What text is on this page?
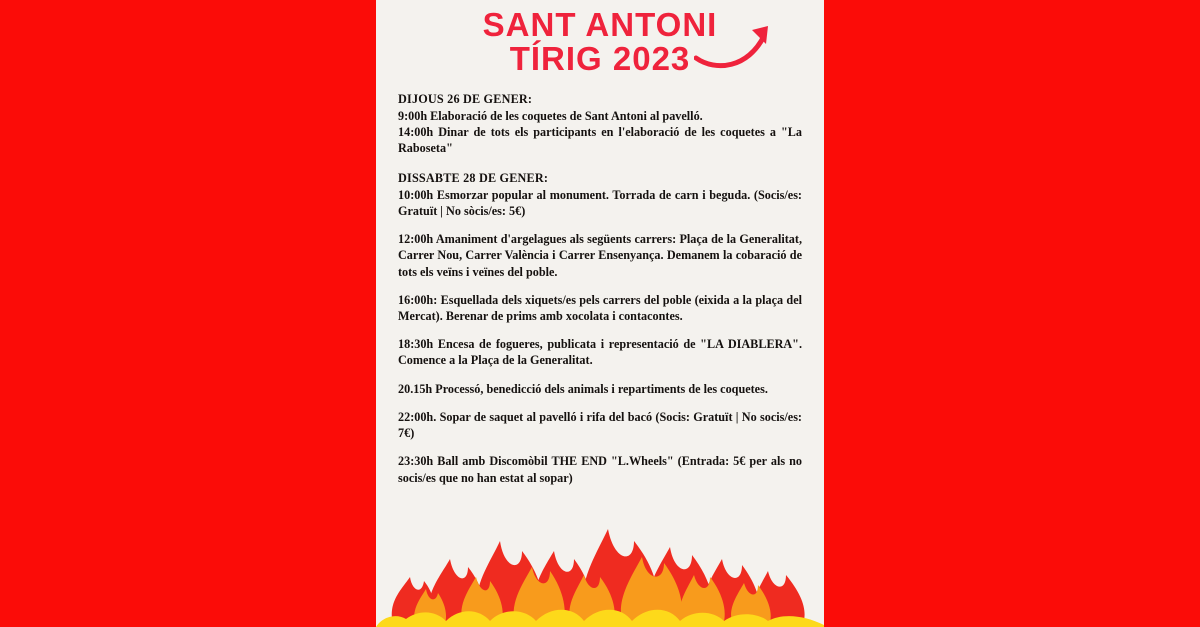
SANT ANTONI
TÍRIG 2023

DIJOUS 26 DE GENER:

9:00h Elaboració de les coquetes de Sant Antoni al pavelló.

14:00h Dinar de tots els participants en l'elaboració de les coquetes a "La Raboseta"

DISSABTE 28 DE GENER:

10:00h Esmorzar popular al monument. Torrada de carn i beguda. (Socis/es: Gratuït | No sòcis/es: 5€)

12:00h Amaniment d'argelagues als següents carrers: Plaça de la Generalitat, Carrer Nou, Carrer València i Carrer Ensenyança. Demanem la cobaració de tots els veïns i veïnes del poble.

16:00h: Esquellada dels xiquets/es pels carrers del poble (eixida a la plaça del Mercat). Berenar de prims amb xocolata i contacontes.

18:30h Encesa de fogueres, publicata i representació de "LA DIABLERA". Comence a la Plaça de la Generalitat.

20.15h Processó, benedicció dels animals i repartiments de les coquetes.

22:00h. Sopar de saquet al pavelló i rifa del bacó (Socis: Gratuït | No socis/es: 7€)

23:30h Ball amb Discomòbil THE END "L.Wheels" (Entrada: 5€ per als no socis/es que no han estat al sopar)
